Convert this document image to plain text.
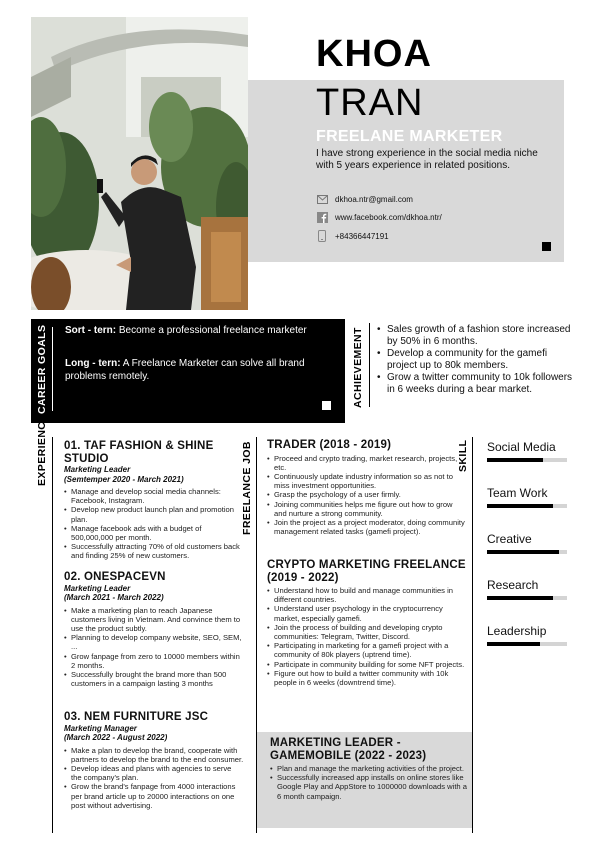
KHOA
TRAN
FREELANE MARKETER
I have strong experience in the social media niche with 5 years experience in related positions.
dkhoa.ntr@gmail.com
www.facebook.com/dkhoa.ntr/
+84366447191
CAREER GOALS Sort - tern: Become a professional freelance marketer
Long - tern: A Freelance Marketer can solve all brand problems remotely.	ACHIEVEMENT
•	Sales growth of a fashion store increased by 50% in 6 months.
• Develop a community for the gamefi project up to 80k members.
• Grow a twitter community to 10k followers in 6 weeks during a bear market.
EXPERIENCE 01. TAF FASHION & SHINE STUDIO
Marketing Leader
(Semtemper 2020 - March 2021)
• Manage and develop social media channels: Facebook, Instagram.
• Develop new product launch plan and promotion plan.
• Manage facebook ads with a budget of 500,000,000 per month.
• Successfully attracting 70% of old customers back and finding 25% of new customers.
02. ONESPACEVN
Marketing Leader
(March 2021 - March 2022)
• Make a marketing plan to reach Japanese customers living in Vietnam. And convince them to use the product subtly.
• Planning to develop company website, SEO, SEM, ...
• Grow fanpage from zero to 10000 members within 2 months.
• Successfully brought the brand more than 500 customers in a campaign lasting 3 months
03. NEM FURNITURE JSC
Marketing Manager
(March 2022 - August 2022)
• Make a plan to develop the brand, cooperate with partners to develop the brand to the end consumer.
• Develop ideas and plans with agencies to serve the company's plan.
• Grow the brand's fanpage from 4000 interactions per brand article up to 20000 interactions on one post without advertising.
FREELANCE JOB TRADER (2018 - 2019)
• Proceed and crypto trading, market research, projects, etc.
• Continuously update industry information so as not to miss investment opportunities.
• Grasp the psychology of a user firmly.
• Joining communities helps me figure out how to grow and nurture a strong community.
• Join the project as a project moderator, doing community management related tasks (gamefi project).
CRYPTO MARKETING FREELANCE (2019 - 2022)
• Understand how to build and manage communities in different countries.
• Understand user psychology in the cryptocurrency market, especially gamefi.
• Join the process of building and developing crypto communities: Telegram, Twitter, Discord.
• Participating in marketing for a gamefi project with a community of 80k players (uptrend time).
• Participate in community building for some NFT projects.
• Figure out how to build a twitter community with 10k people in 6 weeks (downtrend time).
MARKETING LEADER - GAMEMOBILE (2022 - 2023)
• Plan and manage the marketing activities of the project.
• Successfully increased app installs on online stores like Google Play and AppStore to 1000000 downloads with a 6 month campaign.
SKILL Social Media
Team Work
Creative
Research
Leadership
